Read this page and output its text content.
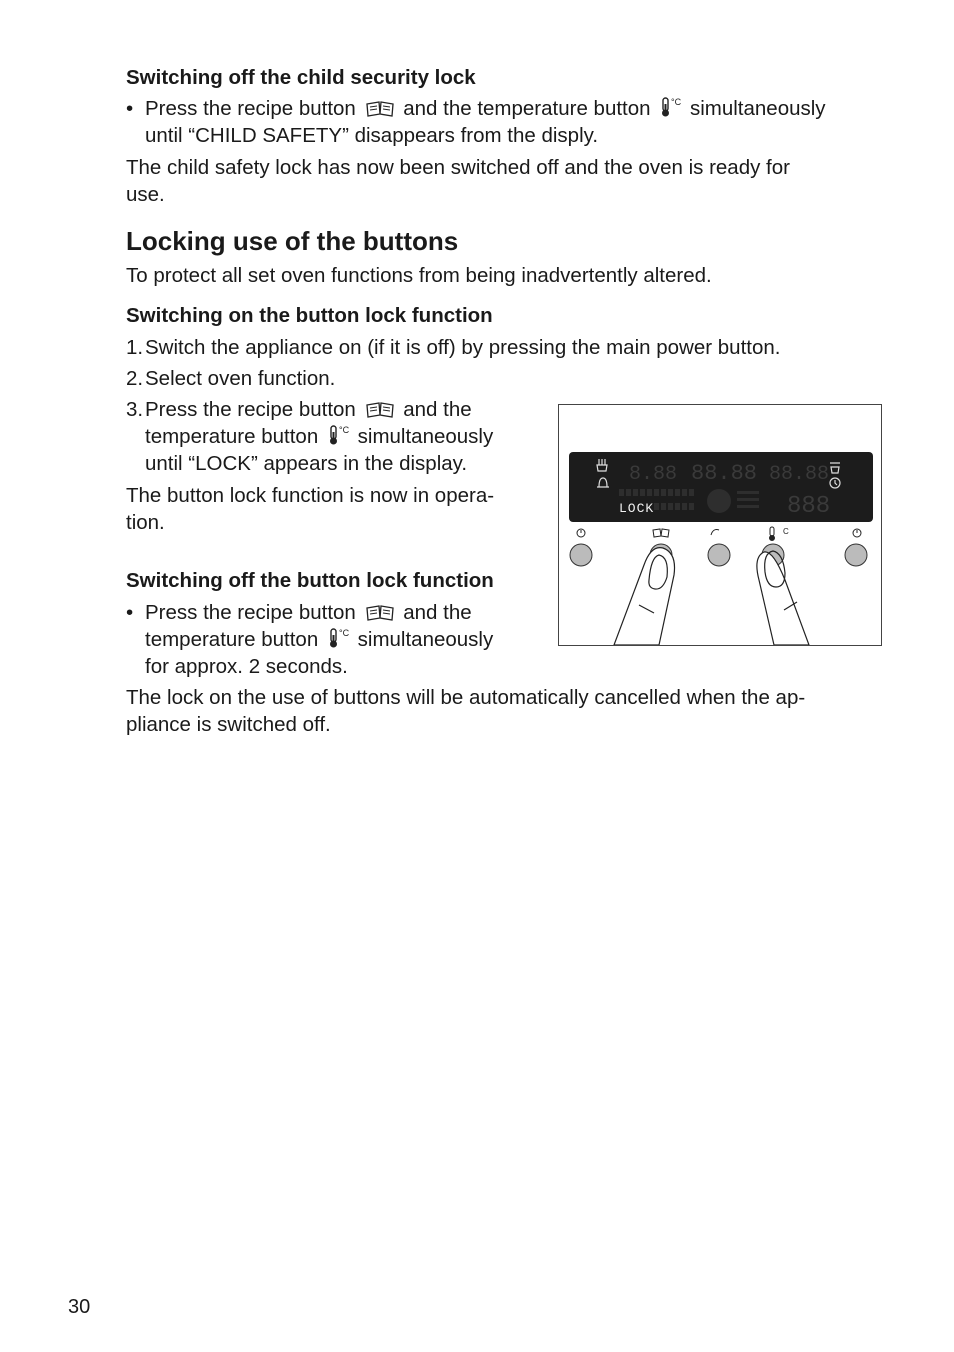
Switching off the child security lock
• Press the recipe button and the temperature button °C simultaneously
until “CHILD SAFETY” disappears from the disply.
The child safety lock has now been switched off and the oven is ready for
use.
Locking use of the buttons
To protect all set oven functions from being inadvertently altered.
Switching on the button lock function
1.Switch the appliance on (if it is off) by pressing the main power button.
2.Select oven function.
3.Press the recipe button and the
temperature button °C simultaneously
until “LOCK” appears in the display.
The button lock function is now in opera-
tion.
Switching off the button lock function
• Press the recipe button and the
temperature button °C simultaneously
for approx. 2 seconds.
The lock on the use of buttons will be automatically cancelled when the ap-
pliance is switched off.
8.88 88.88 88.88
888
LOCK
C
30
